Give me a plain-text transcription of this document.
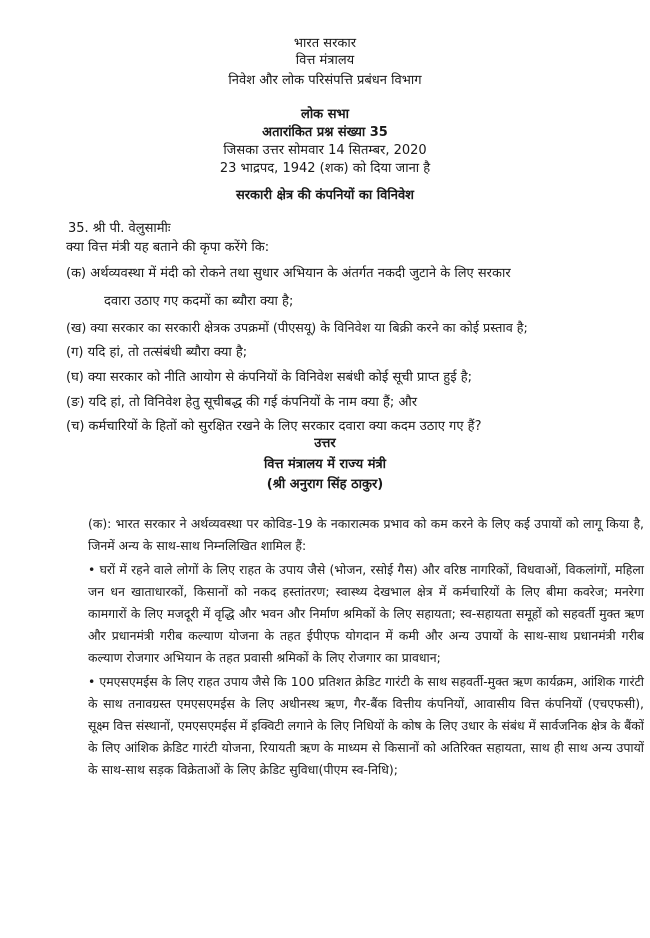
भारत सरकार
वित्त मंत्रालय
निवेश और लोक परिसंपत्ति प्रबंधन विभाग
लोक सभा
अतारांकित प्रश्न संख्या 35
जिसका उत्तर सोमवार 14 सितम्बर, 2020
23 भाद्रपद, 1942 (शक) को दिया जाना है
सरकारी क्षेत्र की कंपनियों का विनिवेश
35. श्री पी. वेलुसामीः
क्या वित्त मंत्री यह बताने की कृपा करेंगे कि:
(क) अर्थव्यवस्था में मंदी को रोकने तथा सुधार अभियान के अंतर्गत नकदी जुटाने के लिए सरकार
दवारा उठाए गए कदमों का ब्यौरा क्या है;
(ख) क्या सरकार का सरकारी क्षेत्रक उपक्रमों (पीएसयू) के विनिवेश या बिक्री करने का कोई प्रस्ताव है;
(ग) यदि हां, तो तत्संबंधी ब्यौरा क्या है;
(घ) क्या सरकार को नीति आयोग से कंपनियों के विनिवेश सबंधी कोई सूची प्राप्त हुई है;
(ङ) यदि हां, तो विनिवेश हेतु सूचीबद्ध की गई कंपनियों के नाम क्या हैं; और
(च) कर्मचारियों के हितों को सुरक्षित रखने के लिए सरकार दवारा क्या कदम उठाए गए हैं?
उत्तर
वित्त मंत्रालय में राज्य मंत्री
(श्री अनुराग सिंह ठाकुर)

(क): भारत सरकार ने अर्थव्यवस्था पर कोविड-19 के नकारात्मक प्रभाव को कम करने के लिए कई उपायों को लागू किया है, जिनमें अन्य के साथ-साथ निम्नलिखित शामिल हैं:

• घरों में रहने वाले लोगों के लिए राहत के उपाय जैसे (भोजन, रसोई गैस) और वरिष्ठ नागरिकों, विधवाओं, विकलांगों, महिला जन धन खाताधारकों, किसानों को नकद हस्तांतरण; स्वास्थ्य देखभाल क्षेत्र में कर्मचारियों के लिए बीमा कवरेज; मनरेगा कामगारों के लिए मजदूरी में वृद्धि और भवन और निर्माण श्रमिकों के लिए सहायता; स्व-सहायता समूहों को सहवर्ती मुक्त ऋण और प्रधानमंत्री गरीब कल्याण योजना के तहत ईपीएफ योगदान में कमी और अन्य उपायों के साथ-साथ प्रधानमंत्री गरीब कल्याण रोजगार अभियान के तहत प्रवासी श्रमिकों के लिए रोजगार का प्रावधान;

• एमएसएमईस के लिए राहत उपाय जैसे कि 100 प्रतिशत क्रेडिट गारंटी के साथ सहवर्ती-मुक्त ऋण कार्यक्रम, आंशिक गारंटी के साथ तनावग्रस्त एमएसएमईस के लिए अधीनस्थ ऋण, गैर-बैंक वित्तीय कंपनियों, आवासीय वित्त कंपनियों (एचएफसी), सूक्ष्म वित्त संस्थानों, एमएसएमईस में इक्विटी लगाने के लिए निधियों के कोष के लिए उधार के संबंध में सार्वजनिक क्षेत्र के बैंकों के लिए आंशिक क्रेडिट गारंटी योजना, रियायती ऋण के माध्यम से किसानों को अतिरिक्त सहायता, साथ ही साथ अन्य उपायों के साथ-साथ सड़क विक्रेताओं के लिए क्रेडिट सुविधा(पीएम स्व-निधि);
